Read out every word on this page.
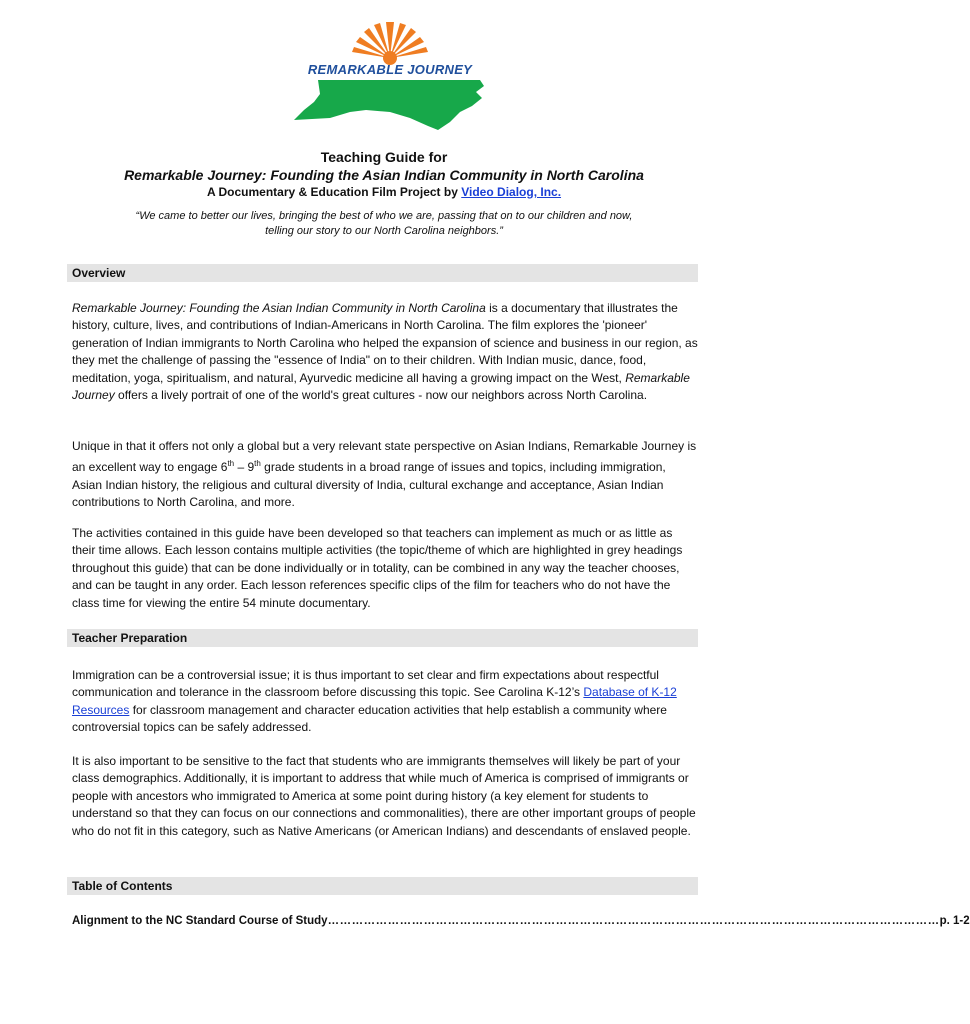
REMARKABLE JOURNEY
Teaching Guide for
Remarkable Journey: Founding the Asian Indian Community in North Carolina
A Documentary & Education Film Project by Video Dialog, Inc.
“We came to better our lives, bringing the best of who we are, passing that on to our children and now,
telling our story to our North Carolina neighbors.”
Overview

Remarkable Journey: Founding the Asian Indian Community in North Carolina is a documentary that illustrates the history, culture, lives, and contributions of Indian-Americans in North Carolina. The film explores the 'pioneer' generation of Indian immigrants to North Carolina who helped the expansion of science and business in our region, as they met the challenge of passing the "essence of India" on to their children. With Indian music, dance, food, meditation, yoga, spiritualism, and natural, Ayurvedic medicine all having a growing impact on the West, Remarkable Journey offers a lively portrait of one of the world's great cultures - now our neighbors across North Carolina.

Unique in that it offers not only a global but a very relevant state perspective on Asian Indians, Remarkable Journey is an excellent way to engage 6th – 9th grade students in a broad range of issues and topics, including immigration, Asian Indian history, the religious and cultural diversity of India, cultural exchange and acceptance, Asian Indian contributions to North Carolina, and more.

The activities contained in this guide have been developed so that teachers can implement as much or as little as their time allows. Each lesson contains multiple activities (the topic/theme of which are highlighted in grey headings throughout this guide) that can be done individually or in totality, can be combined in any way the teacher chooses, and can be taught in any order. Each lesson references specific clips of the film for teachers who do not have the class time for viewing the entire 54 minute documentary.

Teacher Preparation

Immigration can be a controversial issue; it is thus important to set clear and firm expectations about respectful communication and tolerance in the classroom before discussing this topic. See Carolina K-12’s Database of K-12 Resources for classroom management and character education activities that help establish a community where controversial topics can be safely addressed.

It is also important to be sensitive to the fact that students who are immigrants themselves will likely be part of your class demographics. Additionally, it is important to address that while much of America is comprised of immigrants or people with ancestors who immigrated to America at some point during history (a key element for students to understand so that they can focus on our connections and commonalities), there are other important groups of people who do not fit in this category, such as Native Americans (or American Indians) and descendants of enslaved people.

Table of Contents
Alignment to the NC Standard Course of Study ……………………………………………………………………………………………………………………………………… p. 1-2
